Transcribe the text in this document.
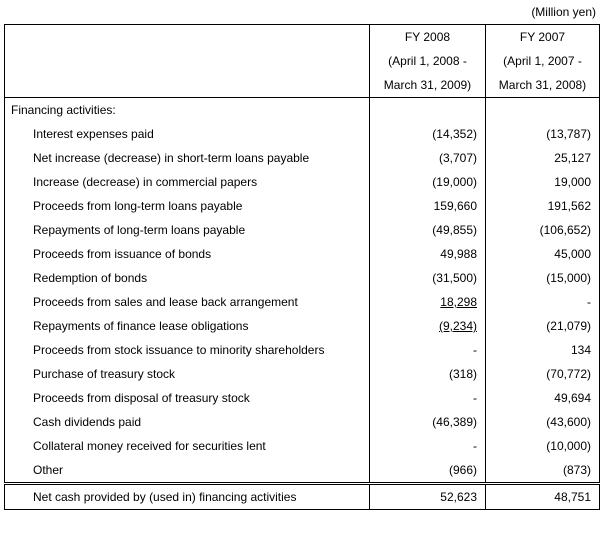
(Million yen)
	FY 2008	FY 2007
	(April 1, 2008 -	(April 1, 2007 -
	March 31, 2009)	March 31, 2008)
Financing activities:		
Interest expenses paid	(14,352)	(13,787)
Net increase (decrease) in short-term loans payable	(3,707)	25,127
Increase (decrease) in commercial papers	(19,000)	19,000
Proceeds from long-term loans payable	159,660	191,562
Repayments of long-term loans payable	(49,855)	(106,652)
Proceeds from issuance of bonds	49,988	45,000
Redemption of bonds	(31,500)	(15,000)
Proceeds from sales and lease back arrangement	18,298	-
Repayments of finance lease obligations	(9,234)	(21,079)
Proceeds from stock issuance to minority shareholders	-	134
Purchase of treasury stock	(318)	(70,772)
Proceeds from disposal of treasury stock	-	49,694
Cash dividends paid	(46,389)	(43,600)
Collateral money received for securities lent	-	(10,000)
Other	(966)	(873)
Net cash provided by (used in) financing activities	52,623	48,751
